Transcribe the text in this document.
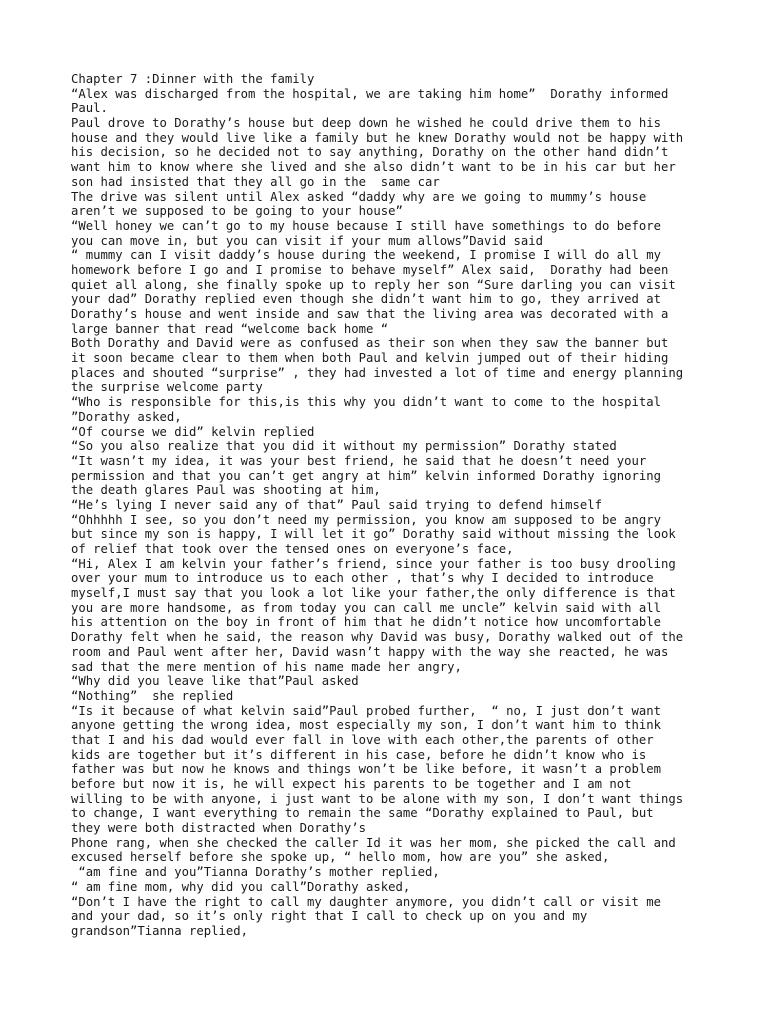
Chapter 7 :Dinner with the family
“Alex was discharged from the hospital, we are taking him home”  Dorathy informed
Paul.
Paul drove to Dorathy’s house but deep down he wished he could drive them to his
house and they would live like a family but he knew Dorathy would not be happy with
his decision, so he decided not to say anything, Dorathy on the other hand didn’t
want him to know where she lived and she also didn’t want to be in his car but her
son had insisted that they all go in the  same car
The drive was silent until Alex asked “daddy why are we going to mummy’s house
aren’t we supposed to be going to your house”
“Well honey we can’t go to my house because I still have somethings to do before
you can move in, but you can visit if your mum allows”David said
“ mummy can I visit daddy’s house during the weekend, I promise I will do all my
homework before I go and I promise to behave myself” Alex said,  Dorathy had been
quiet all along, she finally spoke up to reply her son “Sure darling you can visit
your dad” Dorathy replied even though she didn’t want him to go, they arrived at
Dorathy’s house and went inside and saw that the living area was decorated with a
large banner that read “welcome back home “
Both Dorathy and David were as confused as their son when they saw the banner but
it soon became clear to them when both Paul and kelvin jumped out of their hiding
places and shouted “surprise” , they had invested a lot of time and energy planning
the surprise welcome party
“Who is responsible for this,is this why you didn’t want to come to the hospital
”Dorathy asked,
“Of course we did” kelvin replied
“So you also realize that you did it without my permission” Dorathy stated
“It wasn’t my idea, it was your best friend, he said that he doesn’t need your
permission and that you can’t get angry at him” kelvin informed Dorathy ignoring
the death glares Paul was shooting at him,
“He’s lying I never said any of that” Paul said trying to defend himself
“Ohhhhh I see, so you don’t need my permission, you know am supposed to be angry
but since my son is happy, I will let it go” Dorathy said without missing the look
of relief that took over the tensed ones on everyone’s face,
“Hi, Alex I am kelvin your father’s friend, since your father is too busy drooling
over your mum to introduce us to each other , that’s why I decided to introduce
myself,I must say that you look a lot like your father,the only difference is that
you are more handsome, as from today you can call me uncle” kelvin said with all
his attention on the boy in front of him that he didn’t notice how uncomfortable
Dorathy felt when he said, the reason why David was busy, Dorathy walked out of the
room and Paul went after her, David wasn’t happy with the way she reacted, he was
sad that the mere mention of his name made her angry,
“Why did you leave like that”Paul asked
“Nothing”  she replied
“Is it because of what kelvin said”Paul probed further,  “ no, I just don’t want
anyone getting the wrong idea, most especially my son, I don’t want him to think
that I and his dad would ever fall in love with each other,the parents of other
kids are together but it’s different in his case, before he didn’t know who is
father was but now he knows and things won’t be like before, it wasn’t a problem
before but now it is, he will expect his parents to be together and I am not
willing to be with anyone, i just want to be alone with my son, I don’t want things
to change, I want everything to remain the same “Dorathy explained to Paul, but
they were both distracted when Dorathy’s
Phone rang, when she checked the caller Id it was her mom, she picked the call and
excused herself before she spoke up, “ hello mom, how are you” she asked,
“am fine and you”Tianna Dorathy’s mother replied,
“ am fine mom, why did you call”Dorathy asked,
“Don’t I have the right to call my daughter anymore, you didn’t call or visit me
and your dad, so it’s only right that I call to check up on you and my
grandson”Tianna replied,
